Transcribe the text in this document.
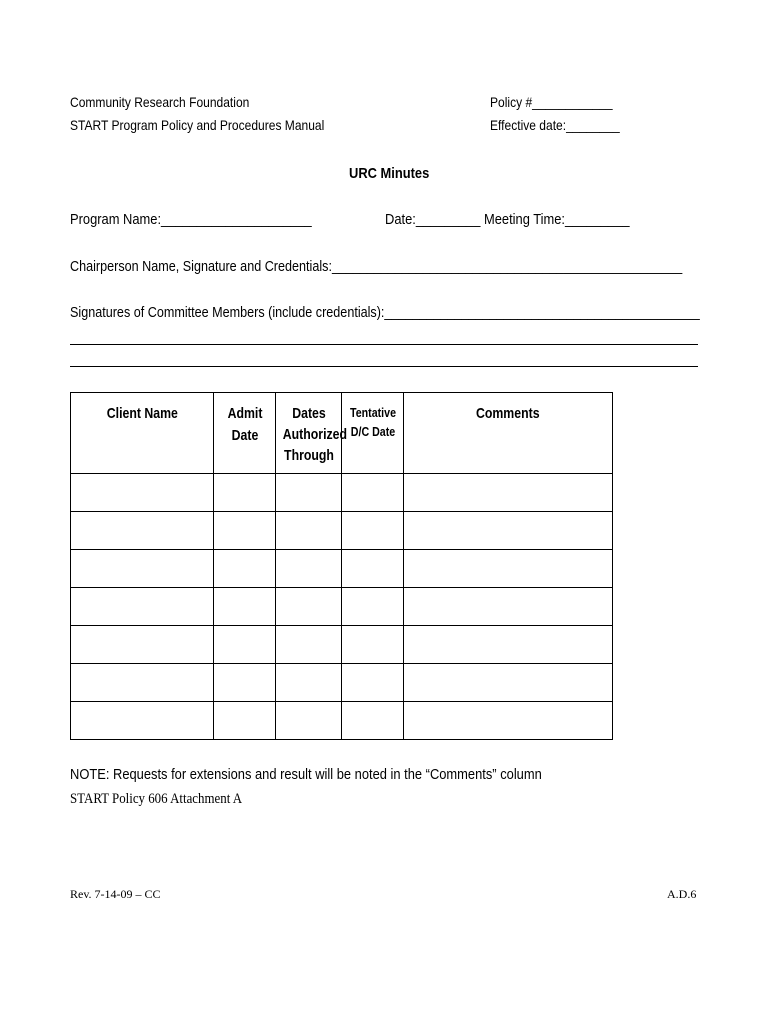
Community Research Foundation
START Program Policy and Procedures Manual
Policy #____________
Effective date:________
URC Minutes
Program Name:_____________________	Date:_________ Meeting Time:_________
Chairperson Name, Signature and Credentials:__________________________________________________
Signatures of Committee Members (include credentials):_____________________________________________
Client Name	Admit Date	Dates Authorized Through	Tentative D/C Date	Comments

NOTE: Requests for extensions and result will be noted in the “Comments” column
START Policy 606 Attachment A
Rev. 7-14-09 – CC	A.D.6
